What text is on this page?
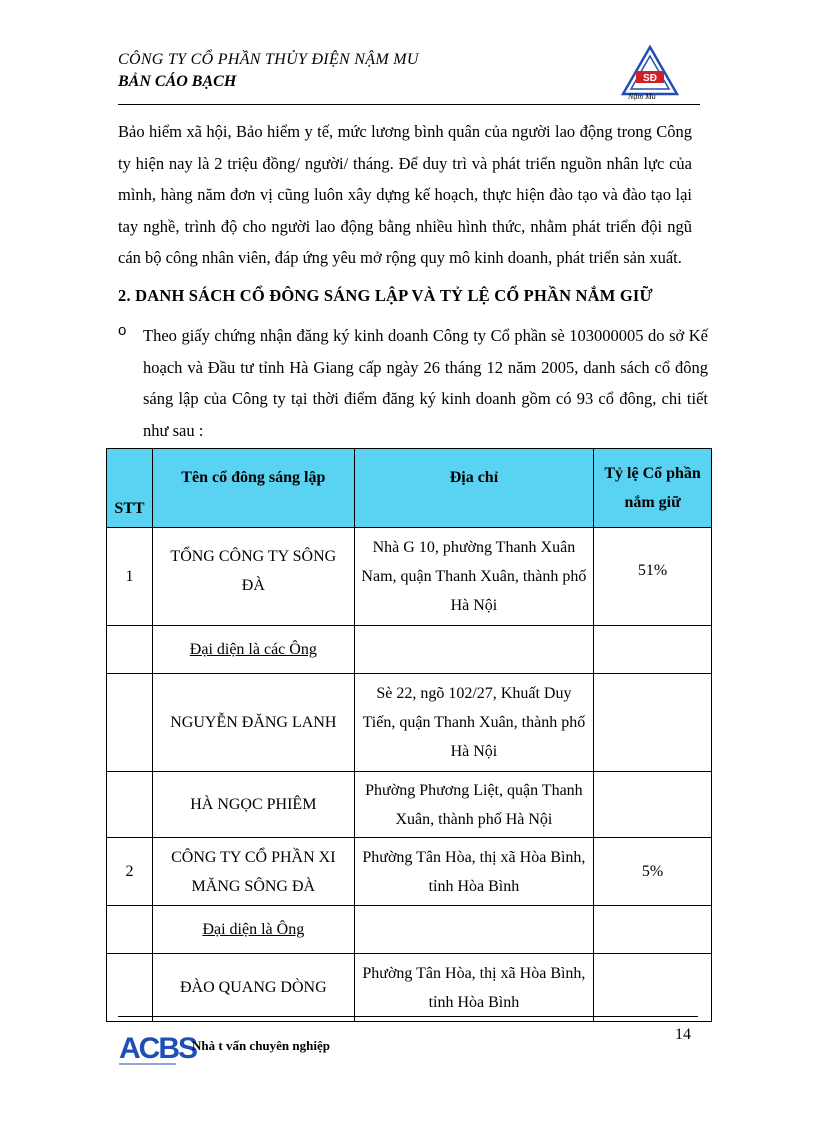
CÔNG TY CỔ PHẦN THỦY ĐIỆN NẬM MU
BẢN CÁO BẠCH	SĐ
Nậm Mu
Bảo hiểm xã hội, Bảo hiểm y tế, mức lương bình quân của người lao động trong Công ty hiện nay là 2 triệu đồng/ người/ tháng. Để duy trì và phát triển nguồn nhân lực của mình, hàng năm đơn vị cũng luôn xây dựng kế hoạch, thực hiện đào tạo và đào tạo lại tay nghề, trình độ cho người lao động bằng nhiều hình thức, nhằm phát triển đội ngũ cán bộ công nhân viên, đáp ứng yêu mở rộng quy mô kinh doanh, phát triển sản xuất.
2. DANH SÁCH CỔ ĐÔNG SÁNG LẬP VÀ TỶ LỆ CỔ PHẦN NẮM GIỮ
o Theo giấy chứng nhận đăng ký kinh doanh Công ty Cổ phần sè 103000005 do sở Kế hoạch và Đầu tư tỉnh Hà Giang cấp ngày 26 tháng 12 năm 2005, danh sách cổ đông sáng lập của Công ty tại thời điểm đăng ký kinh doanh gồm có 93 cổ đông, chi tiết như sau :
STT	Tên cổ đông sáng lập	Địa chỉ	Tỷ lệ Cổ phần nắm giữ
1	TỔNG CÔNG TY SÔNG ĐÀ	Nhà G 10, phường Thanh Xuân Nam, quận Thanh Xuân, thành phố Hà Nội	51%
	Đại diện là các Ông		
	NGUYỄN ĐĂNG LANH	Sè 22, ngõ 102/27, Khuất Duy Tiến, quận Thanh Xuân, thành phố Hà Nội	
	HÀ NGỌC PHIÊM	Phường Phương Liệt, quận Thanh Xuân, thành phố Hà Nội	
2	CÔNG TY CỔ PHẦN XI MĂNG SÔNG ĐÀ	Phường Tân Hòa, thị xã Hòa Bình, tỉnh Hòa Bình	5%
	Đại diện là Ông		
	ĐÀO QUANG DÒNG	Phường Tân Hòa, thị xã Hòa Bình, tỉnh Hòa Bình	
ACBS
Nhà t vấn chuyên nghiệp
14
